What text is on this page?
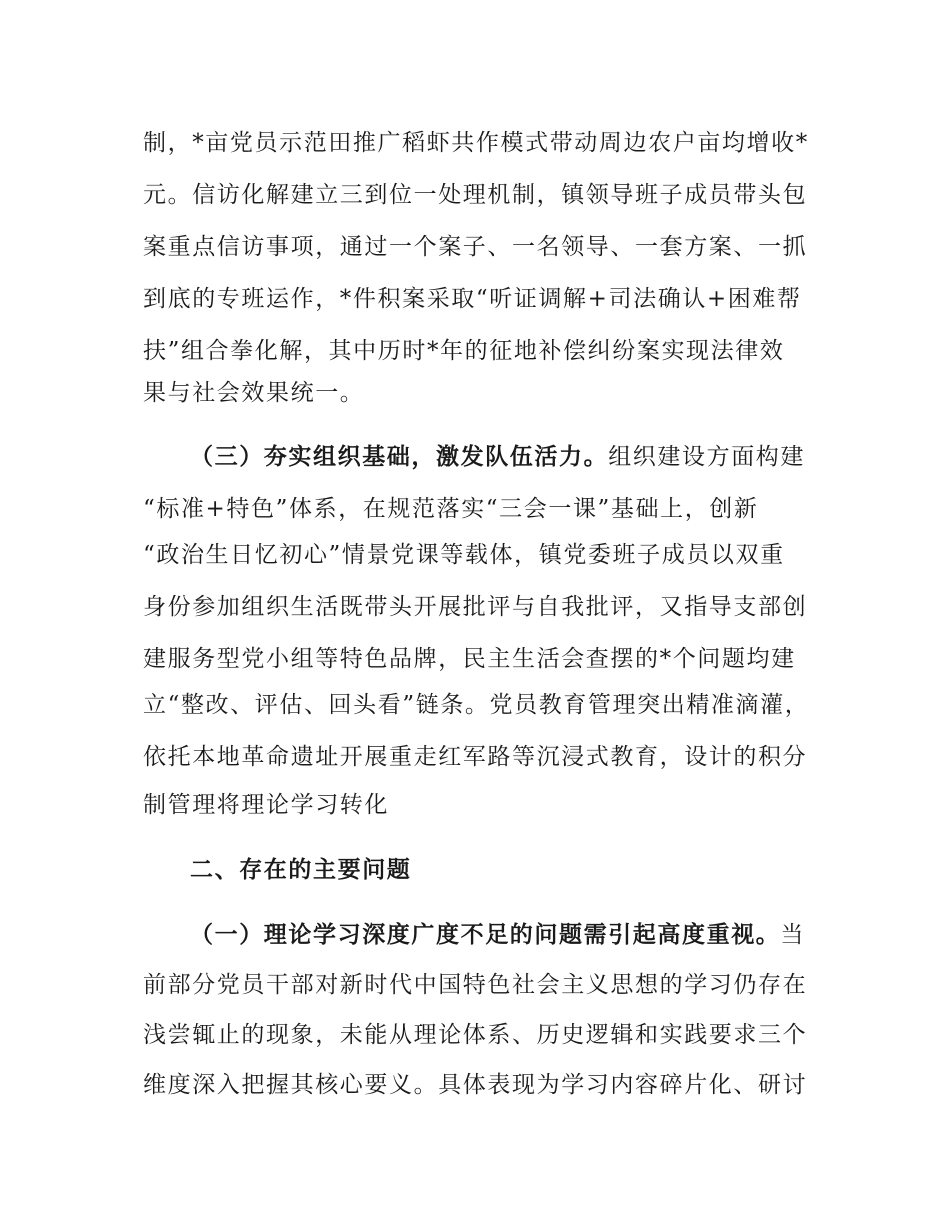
制，*亩党员示范田推广稻虾共作模式带动周边农户亩均增收*
元。信访化解建立三到位一处理机制，镇领导班子成员带头包
案重点信访事项，通过一个案子、一名领导、一套方案、一抓
到底的专班运作，*件积案采取“听证调解+司法确认+困难帮
扶”组合拳化解，其中历时*年的征地补偿纠纷案实现法律效
果与社会效果统一。
（三）夯实组织基础，激发队伍活力。组织建设方面构建
“标准+特色”体系，在规范落实“三会一课”基础上，创新
“政治生日忆初心”情景党课等载体，镇党委班子成员以双重
身份参加组织生活既带头开展批评与自我批评，又指导支部创
建服务型党小组等特色品牌，民主生活会查摆的*个问题均建
立“整改、评估、回头看”链条。党员教育管理突出精准滴灌，
依托本地革命遗址开展重走红军路等沉浸式教育，设计的积分
制管理将理论学习转化
二、存在的主要问题
（一）理论学习深度广度不足的问题需引起高度重视。当
前部分党员干部对新时代中国特色社会主义思想的学习仍存在
浅尝辄止的现象，未能从理论体系、历史逻辑和实践要求三个
维度深入把握其核心要义。具体表现为学习内容碎片化、研讨
